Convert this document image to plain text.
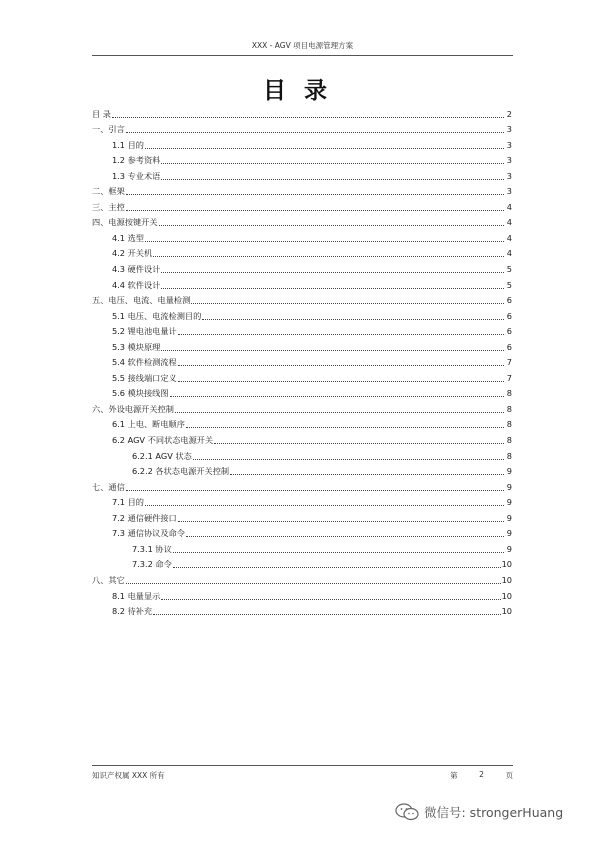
XXX - AGV 项目电源管理方案
目 录
目 录	2
一、引言	3
1.1 目的	3
1.2 参考资料	3
1.3 专业术语	3
二、框架	3
三、主控	4
四、电源按键开关	4
4.1 选型	4
4.2 开关机	4
4.3 硬件设计	5
4.4 软件设计	5
五、电压、电流、电量检测	6
5.1 电压、电流检测目的	6
5.2 锂电池电量计	6
5.3 模块原理	6
5.4 软件检测流程	7
5.5 接线端口定义	7
5.6 模块接线图	8
六、外设电源开关控制	8
6.1 上电、断电顺序	8
6.2 AGV 不同状态电源开关	8
6.2.1 AGV 状态	8
6.2.2 各状态电源开关控制	9
七、通信	9
7.1 目的	9
7.2 通信硬件接口	9
7.3 通信协议及命令	9
7.3.1 协议	9
7.3.2 命令	10
八、其它	10
8.1 电量显示	10
8.2 待补充	10
知识产权属 XXX 所有	第	2	页
微信号: strongerHuang
